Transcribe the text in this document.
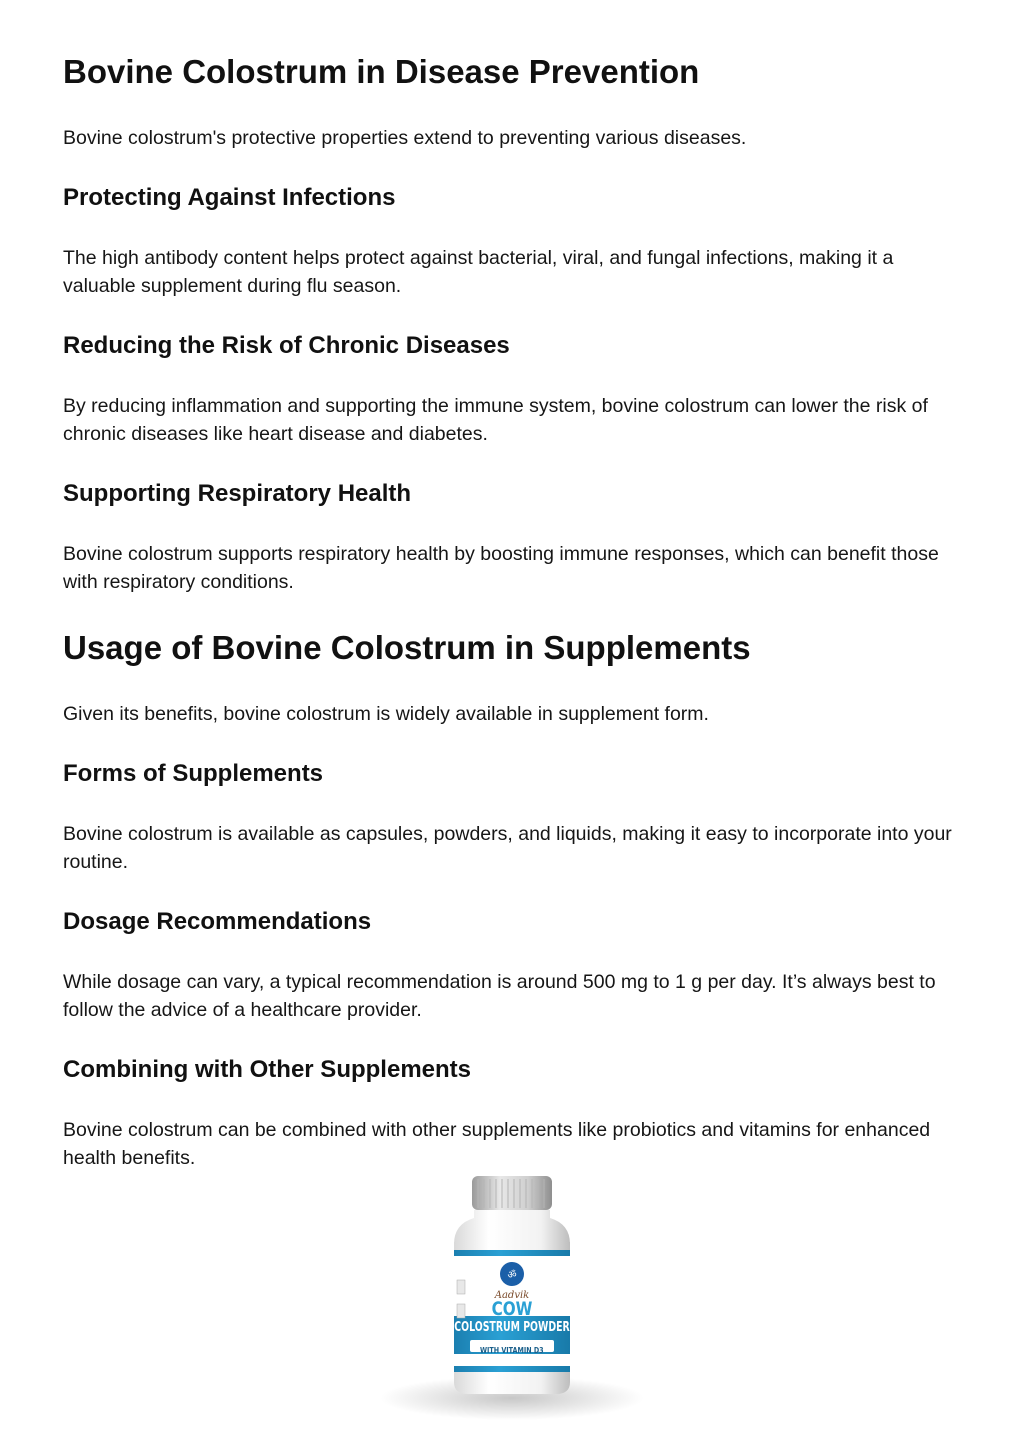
Bovine Colostrum in Disease Prevention

Bovine colostrum's protective properties extend to preventing various diseases.

Protecting Against Infections

The high antibody content helps protect against bacterial, viral, and fungal infections, making it a valuable supplement during flu season.

Reducing the Risk of Chronic Diseases

By reducing inflammation and supporting the immune system, bovine colostrum can lower the risk of chronic diseases like heart disease and diabetes.

Supporting Respiratory Health

Bovine colostrum supports respiratory health by boosting immune responses, which can benefit those with respiratory conditions.

Usage of Bovine Colostrum in Supplements

Given its benefits, bovine colostrum is widely available in supplement form.

Forms of Supplements

Bovine colostrum is available as capsules, powders, and liquids, making it easy to incorporate into your routine.

Dosage Recommendations

While dosage can vary, a typical recommendation is around 500 mg to 1 g per day. It’s always best to follow the advice of a healthcare provider.

Combining with Other Supplements

Bovine colostrum can be combined with other supplements like probiotics and vitamins for enhanced health benefits.

ॐ
Aadvik
COW
COLOSTRUM POWDER
WITH VITAMIN D3
